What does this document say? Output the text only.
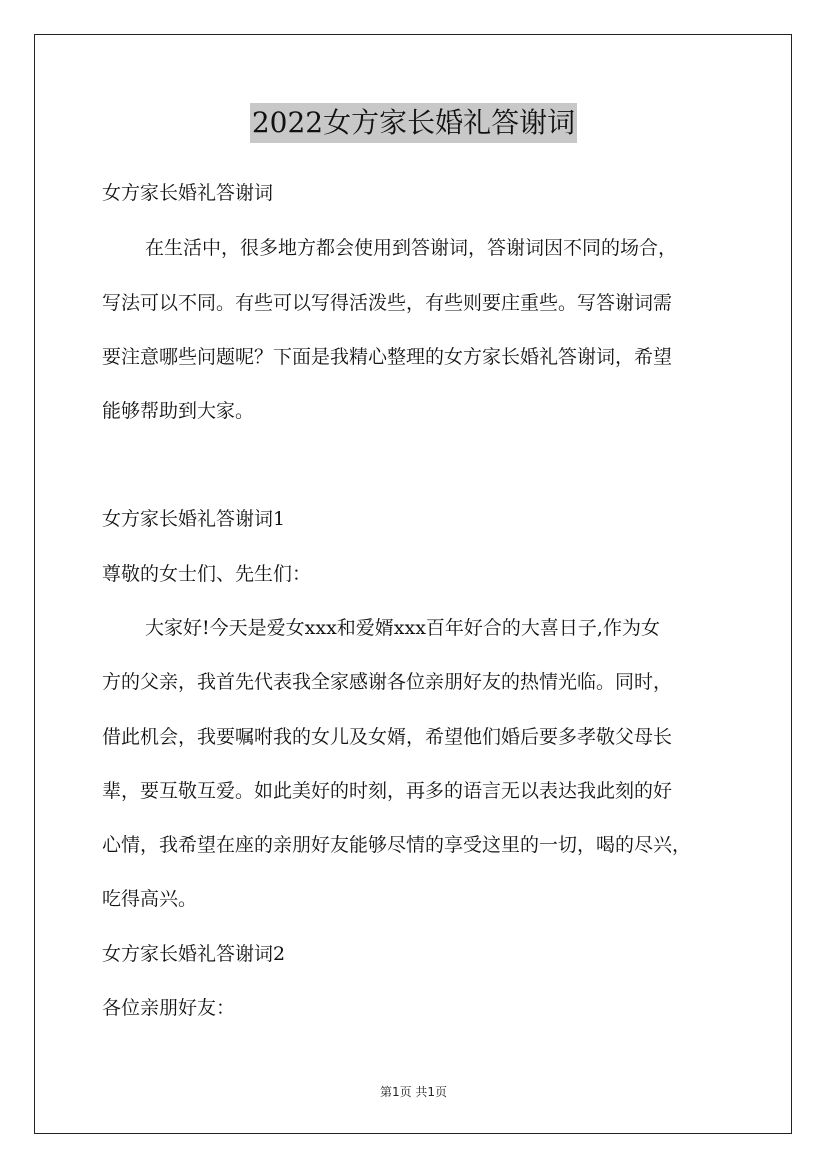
2022女方家长婚礼答谢词
女方家长婚礼答谢词
在生活中，很多地方都会使用到答谢词，答谢词因不同的场合，
写法可以不同。有些可以写得活泼些，有些则要庄重些。写答谢词需
要注意哪些问题呢？下面是我精心整理的女方家长婚礼答谢词，希望
能够帮助到大家。
女方家长婚礼答谢词1
尊敬的女士们、先生们：
大家好!今天是爱女xxx和爱婿xxx百年好合的大喜日子,作为女
方的父亲，我首先代表我全家感谢各位亲朋好友的热情光临。同时，
借此机会，我要嘱咐我的女儿及女婿，希望他们婚后要多孝敬父母长
辈，要互敬互爱。如此美好的时刻，再多的语言无以表达我此刻的好
心情，我希望在座的亲朋好友能够尽情的享受这里的一切，喝的尽兴，
吃得高兴。
女方家长婚礼答谢词2
各位亲朋好友：
第1页 共1页
